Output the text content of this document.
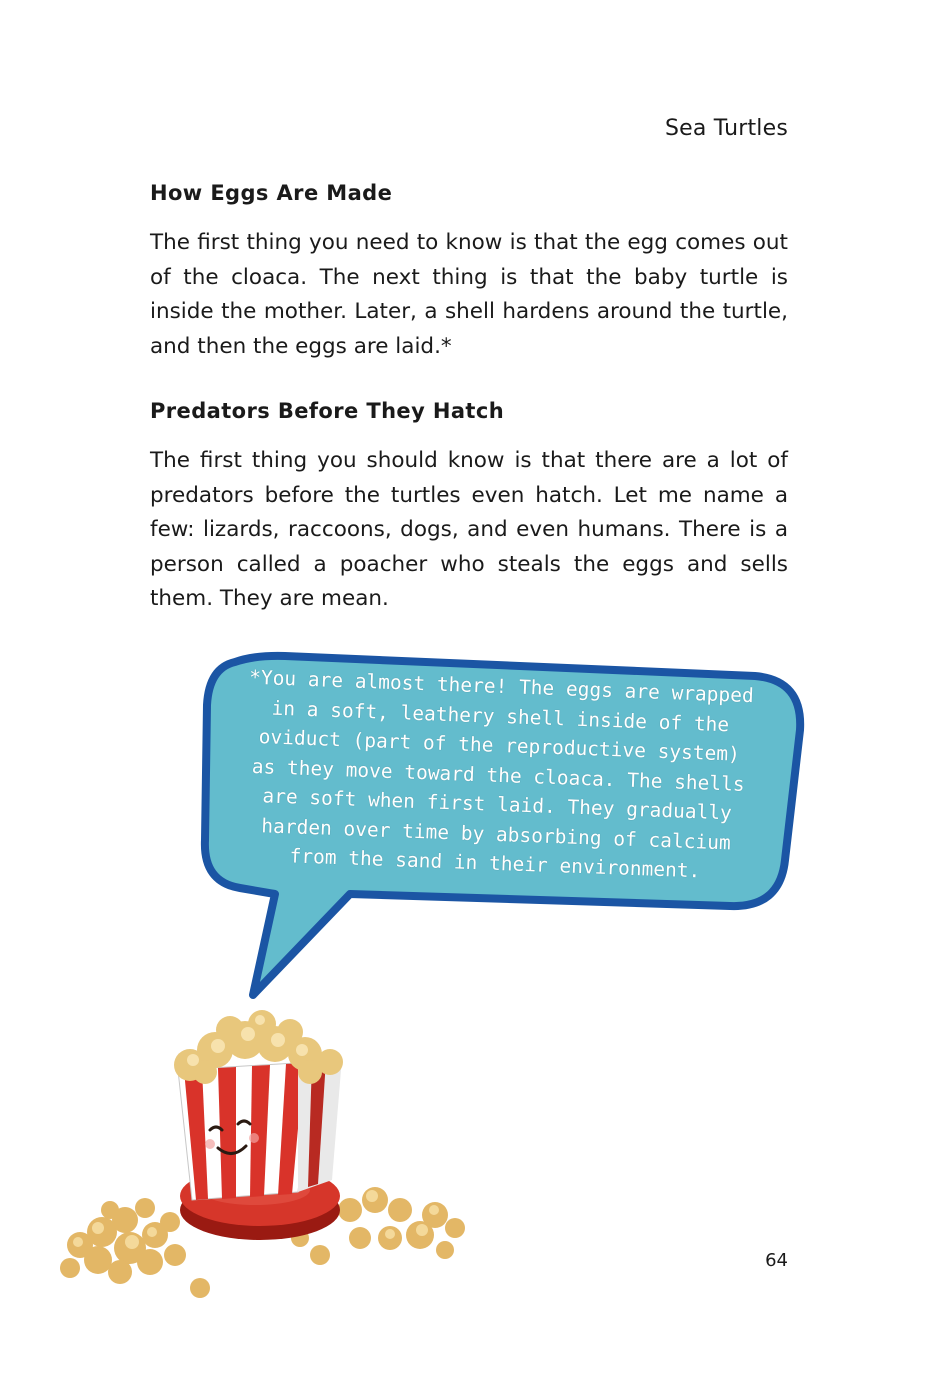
Sea Turtles
How Eggs Are Made

The first thing you need to know is that the egg comes out of the cloaca. The next thing is that the baby turtle is inside the mother. Later, a shell hardens around the turtle, and then the eggs are laid.*

Predators Before They Hatch

The first thing you should know is that there are a lot of predators before the turtles even hatch. Let me name a few: lizards, raccoons, dogs, and even humans. There is a person called a poacher who steals the eggs and sells them. They are mean.

*You are almost there! The eggs are wrapped
in a soft, leathery shell inside of the
oviduct (part of the reproductive system)
as they move toward the cloaca. The shells
are soft when first laid. They gradually
harden over time by absorbing of calcium
from the sand in their environment.
64
